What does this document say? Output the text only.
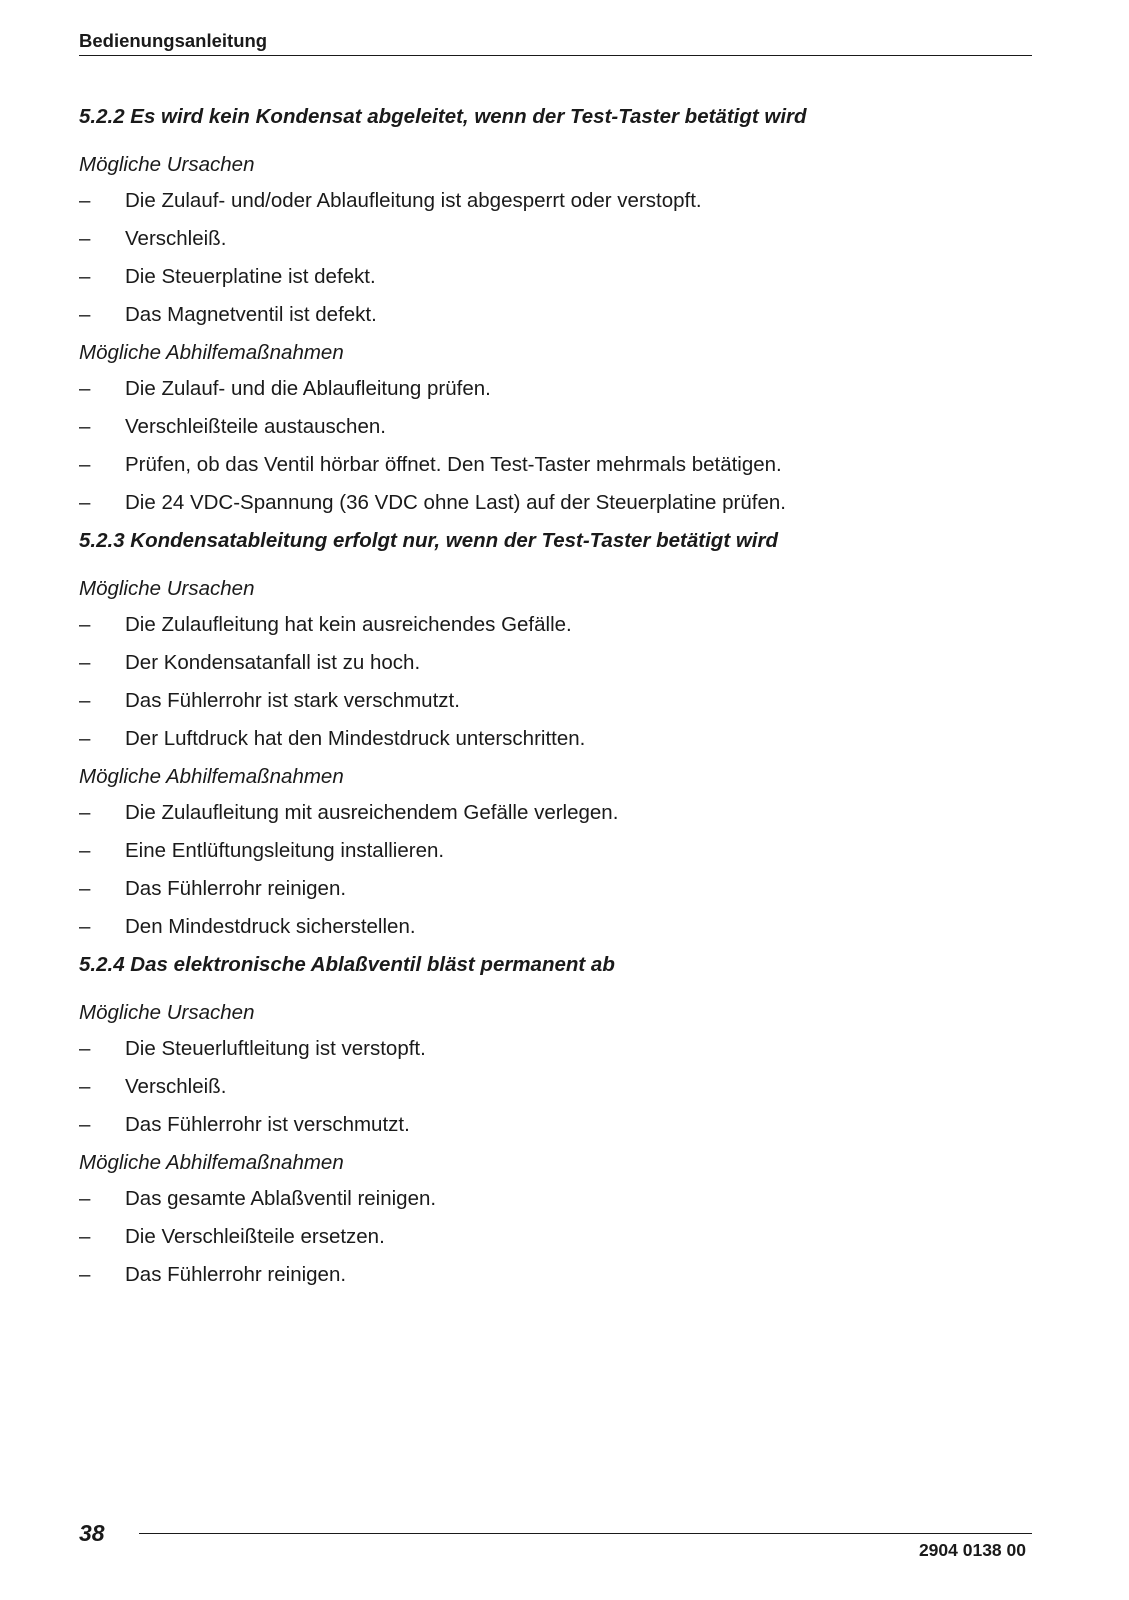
Bedienungsanleitung
5.2.2 Es wird kein Kondensat abgeleitet, wenn der Test-Taster betätigt wird
Mögliche Ursachen
– Die Zulauf- und/oder Ablaufleitung ist abgesperrt oder verstopft.
– Verschleiß.
– Die Steuerplatine ist defekt.
– Das Magnetventil ist defekt.
Mögliche Abhilfemaßnahmen
– Die Zulauf- und die Ablaufleitung prüfen.
– Verschleißteile austauschen.
– Prüfen, ob das Ventil hörbar öffnet. Den Test-Taster mehrmals betätigen.
– Die 24 VDC-Spannung (36 VDC ohne Last) auf der Steuerplatine prüfen.
5.2.3 Kondensatableitung erfolgt nur, wenn der Test-Taster betätigt wird
Mögliche Ursachen
– Die Zulaufleitung hat kein ausreichendes Gefälle.
– Der Kondensatanfall ist zu hoch.
– Das Fühlerrohr ist stark verschmutzt.
– Der Luftdruck hat den Mindestdruck unterschritten.
Mögliche Abhilfemaßnahmen
– Die Zulaufleitung mit ausreichendem Gefälle verlegen.
– Eine Entlüftungsleitung installieren.
– Das Fühlerrohr reinigen.
– Den Mindestdruck sicherstellen.
5.2.4 Das elektronische Ablaßventil bläst permanent ab
Mögliche Ursachen
– Die Steuerluftleitung ist verstopft.
– Verschleiß.
– Das Fühlerrohr ist verschmutzt.
Mögliche Abhilfemaßnahmen
– Das gesamte Ablaßventil reinigen.
– Die Verschleißteile ersetzen.
– Das Fühlerrohr reinigen.
38
2904 0138 00
